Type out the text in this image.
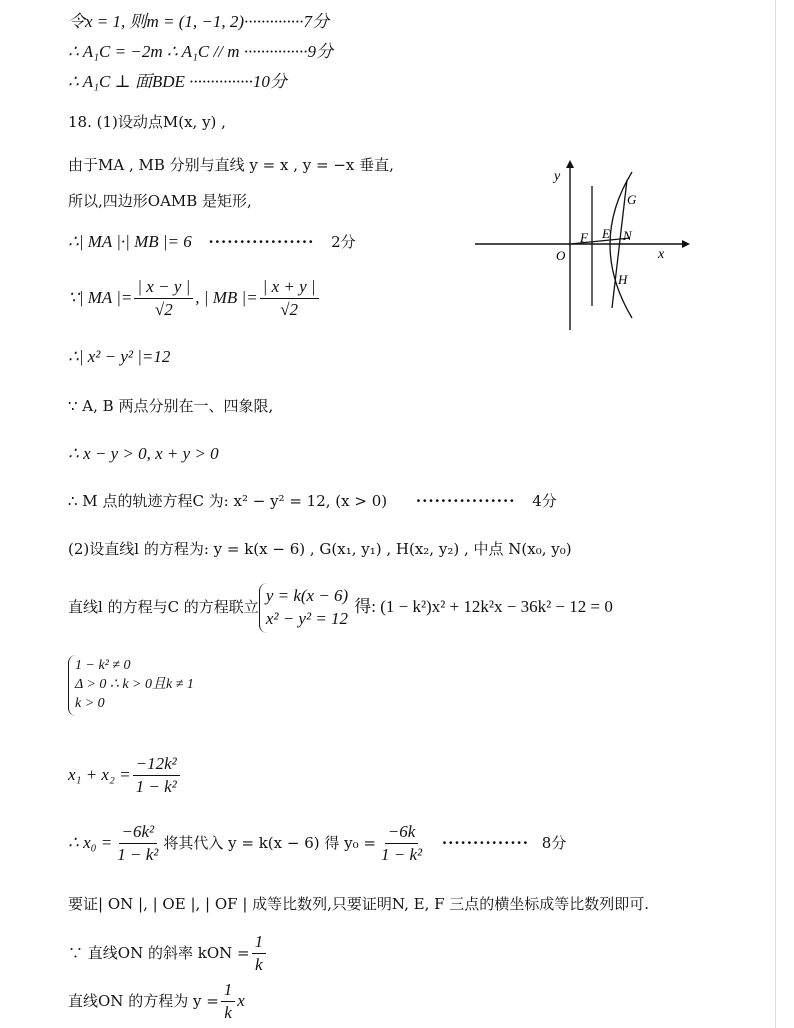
令x = 1, 则m = (1, −1, 2)··············7分
∴ A₁C = −2m ∴ A₁C // m ···············9分
∴ A₁C ⊥ 面BDE ···············10分
18. (1)设动点M(x, y) ,
由于MA , MB 分别与直线 y = x , y = −x 垂直,
所以,四边形OAMB 是矩形,
∴| MA |·| MB |= 6 ················· 2分
∵| MA |= $\frac{| x - y |}{√2}$ , | MB |= $\frac{| x + y |}{√2}$
∴| x² − y² |=12
∵ A, B 两点分别在一、四象限,
∴ x − y > 0, x + y > 0
∴ M 点的轨迹方程C 为: x² − y² = 12, (x > 0) ················ 4分
(2)设直线l 的方程为: y = k(x − 6) , G(x₁, y₁) , H(x₂, y₂) , 中点 N(x₀, y₀)
直线l 的方程与C 的方程联立
y = k(x − 6)
x² − y² = 12
得: (1 − k²)x² + 12k²x − 36k² − 12 = 0
1 − k² ≠ 0
Δ > 0 ∴ k > 0且k ≠ 1
k > 0
$x_1 + x_2 = \frac{\text{−12k²}}{\text{1 − k²}}$
∴ $x_0 = \frac{\text{−6k²}}{\text{1 − k²}}$ 将其代入 y = k(x − 6) 得 $y_0 = \frac{-6k}{\text{1 − k²}}$ ·············· 8分
要证| ON |, | OE |, | OF | 成等比数列,只要证明N, E, F 三点的横坐标成等比数列即可.
∵ 直线ON 的斜率 kON = $\frac{1}{k}$
直线ON 的方程为 $y = \frac{1}{k}$ x
y
x
O
F E N
G
H
